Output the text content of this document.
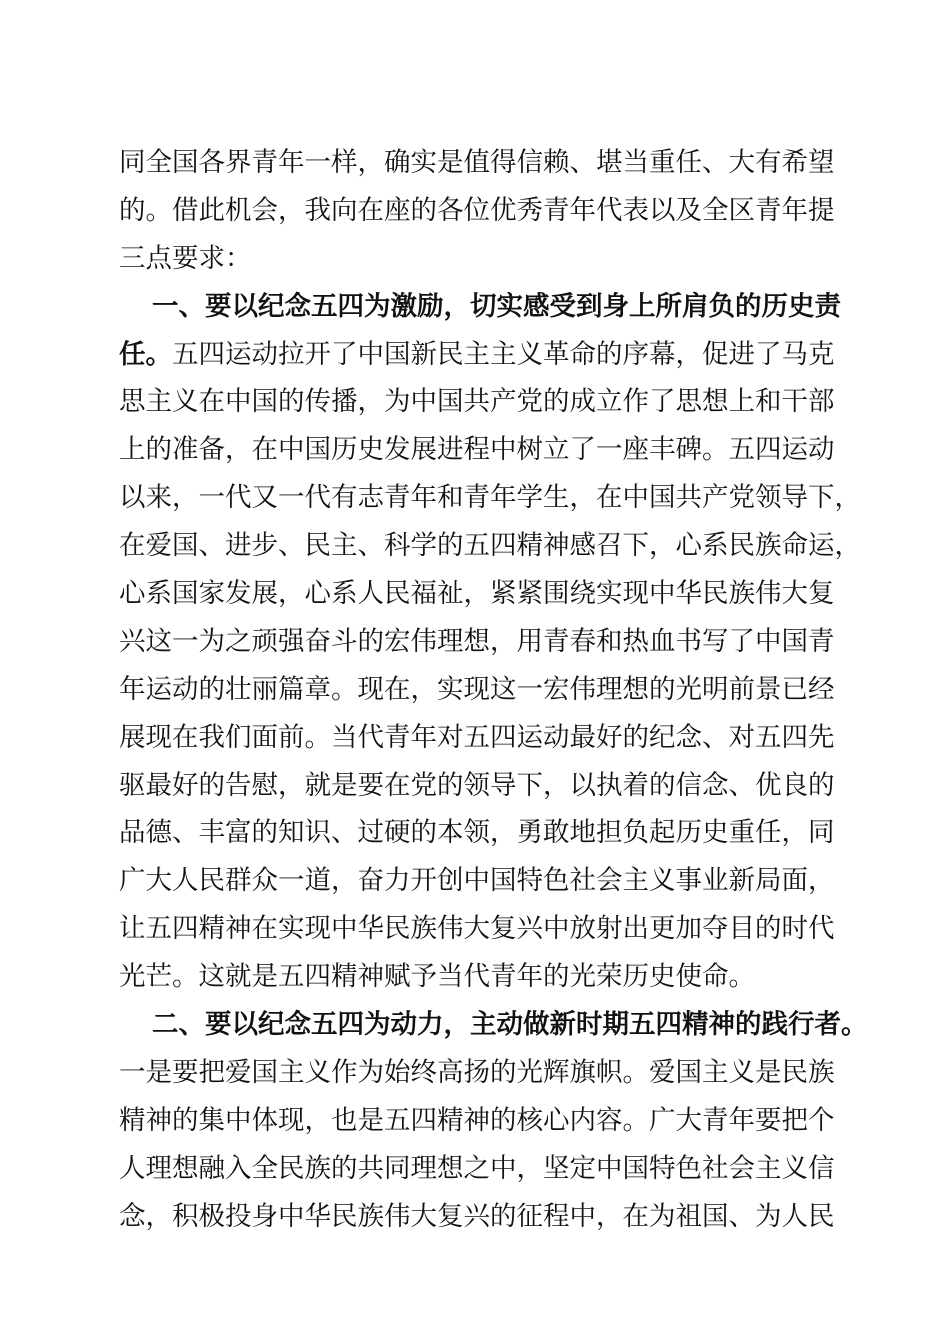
同全国各界青年一样，确实是值得信赖、堪当重任、大有希望
的。借此机会，我向在座的各位优秀青年代表以及全区青年提
三点要求：
一、要以纪念五四为激励，切实感受到身上所肩负的历史责
任。五四运动拉开了中国新民主主义革命的序幕，促进了马克
思主义在中国的传播，为中国共产党的成立作了思想上和干部
上的准备，在中国历史发展进程中树立了一座丰碑。五四运动
以来，一代又一代有志青年和青年学生，在中国共产党领导下，
在爱国、进步、民主、科学的五四精神感召下，心系民族命运，
心系国家发展，心系人民福祉，紧紧围绕实现中华民族伟大复
兴这一为之顽强奋斗的宏伟理想，用青春和热血书写了中国青
年运动的壮丽篇章。现在，实现这一宏伟理想的光明前景已经
展现在我们面前。当代青年对五四运动最好的纪念、对五四先
驱最好的告慰，就是要在党的领导下，以执着的信念、优良的
品德、丰富的知识、过硬的本领，勇敢地担负起历史重任，同
广大人民群众一道，奋力开创中国特色社会主义事业新局面，
让五四精神在实现中华民族伟大复兴中放射出更加夺目的时代
光芒。这就是五四精神赋予当代青年的光荣历史使命。
二、要以纪念五四为动力，主动做新时期五四精神的践行者。
一是要把爱国主义作为始终高扬的光辉旗帜。爱国主义是民族
精神的集中体现，也是五四精神的核心内容。广大青年要把个
人理想融入全民族的共同理想之中，坚定中国特色社会主义信
念，积极投身中华民族伟大复兴的征程中，在为祖国、为人民
